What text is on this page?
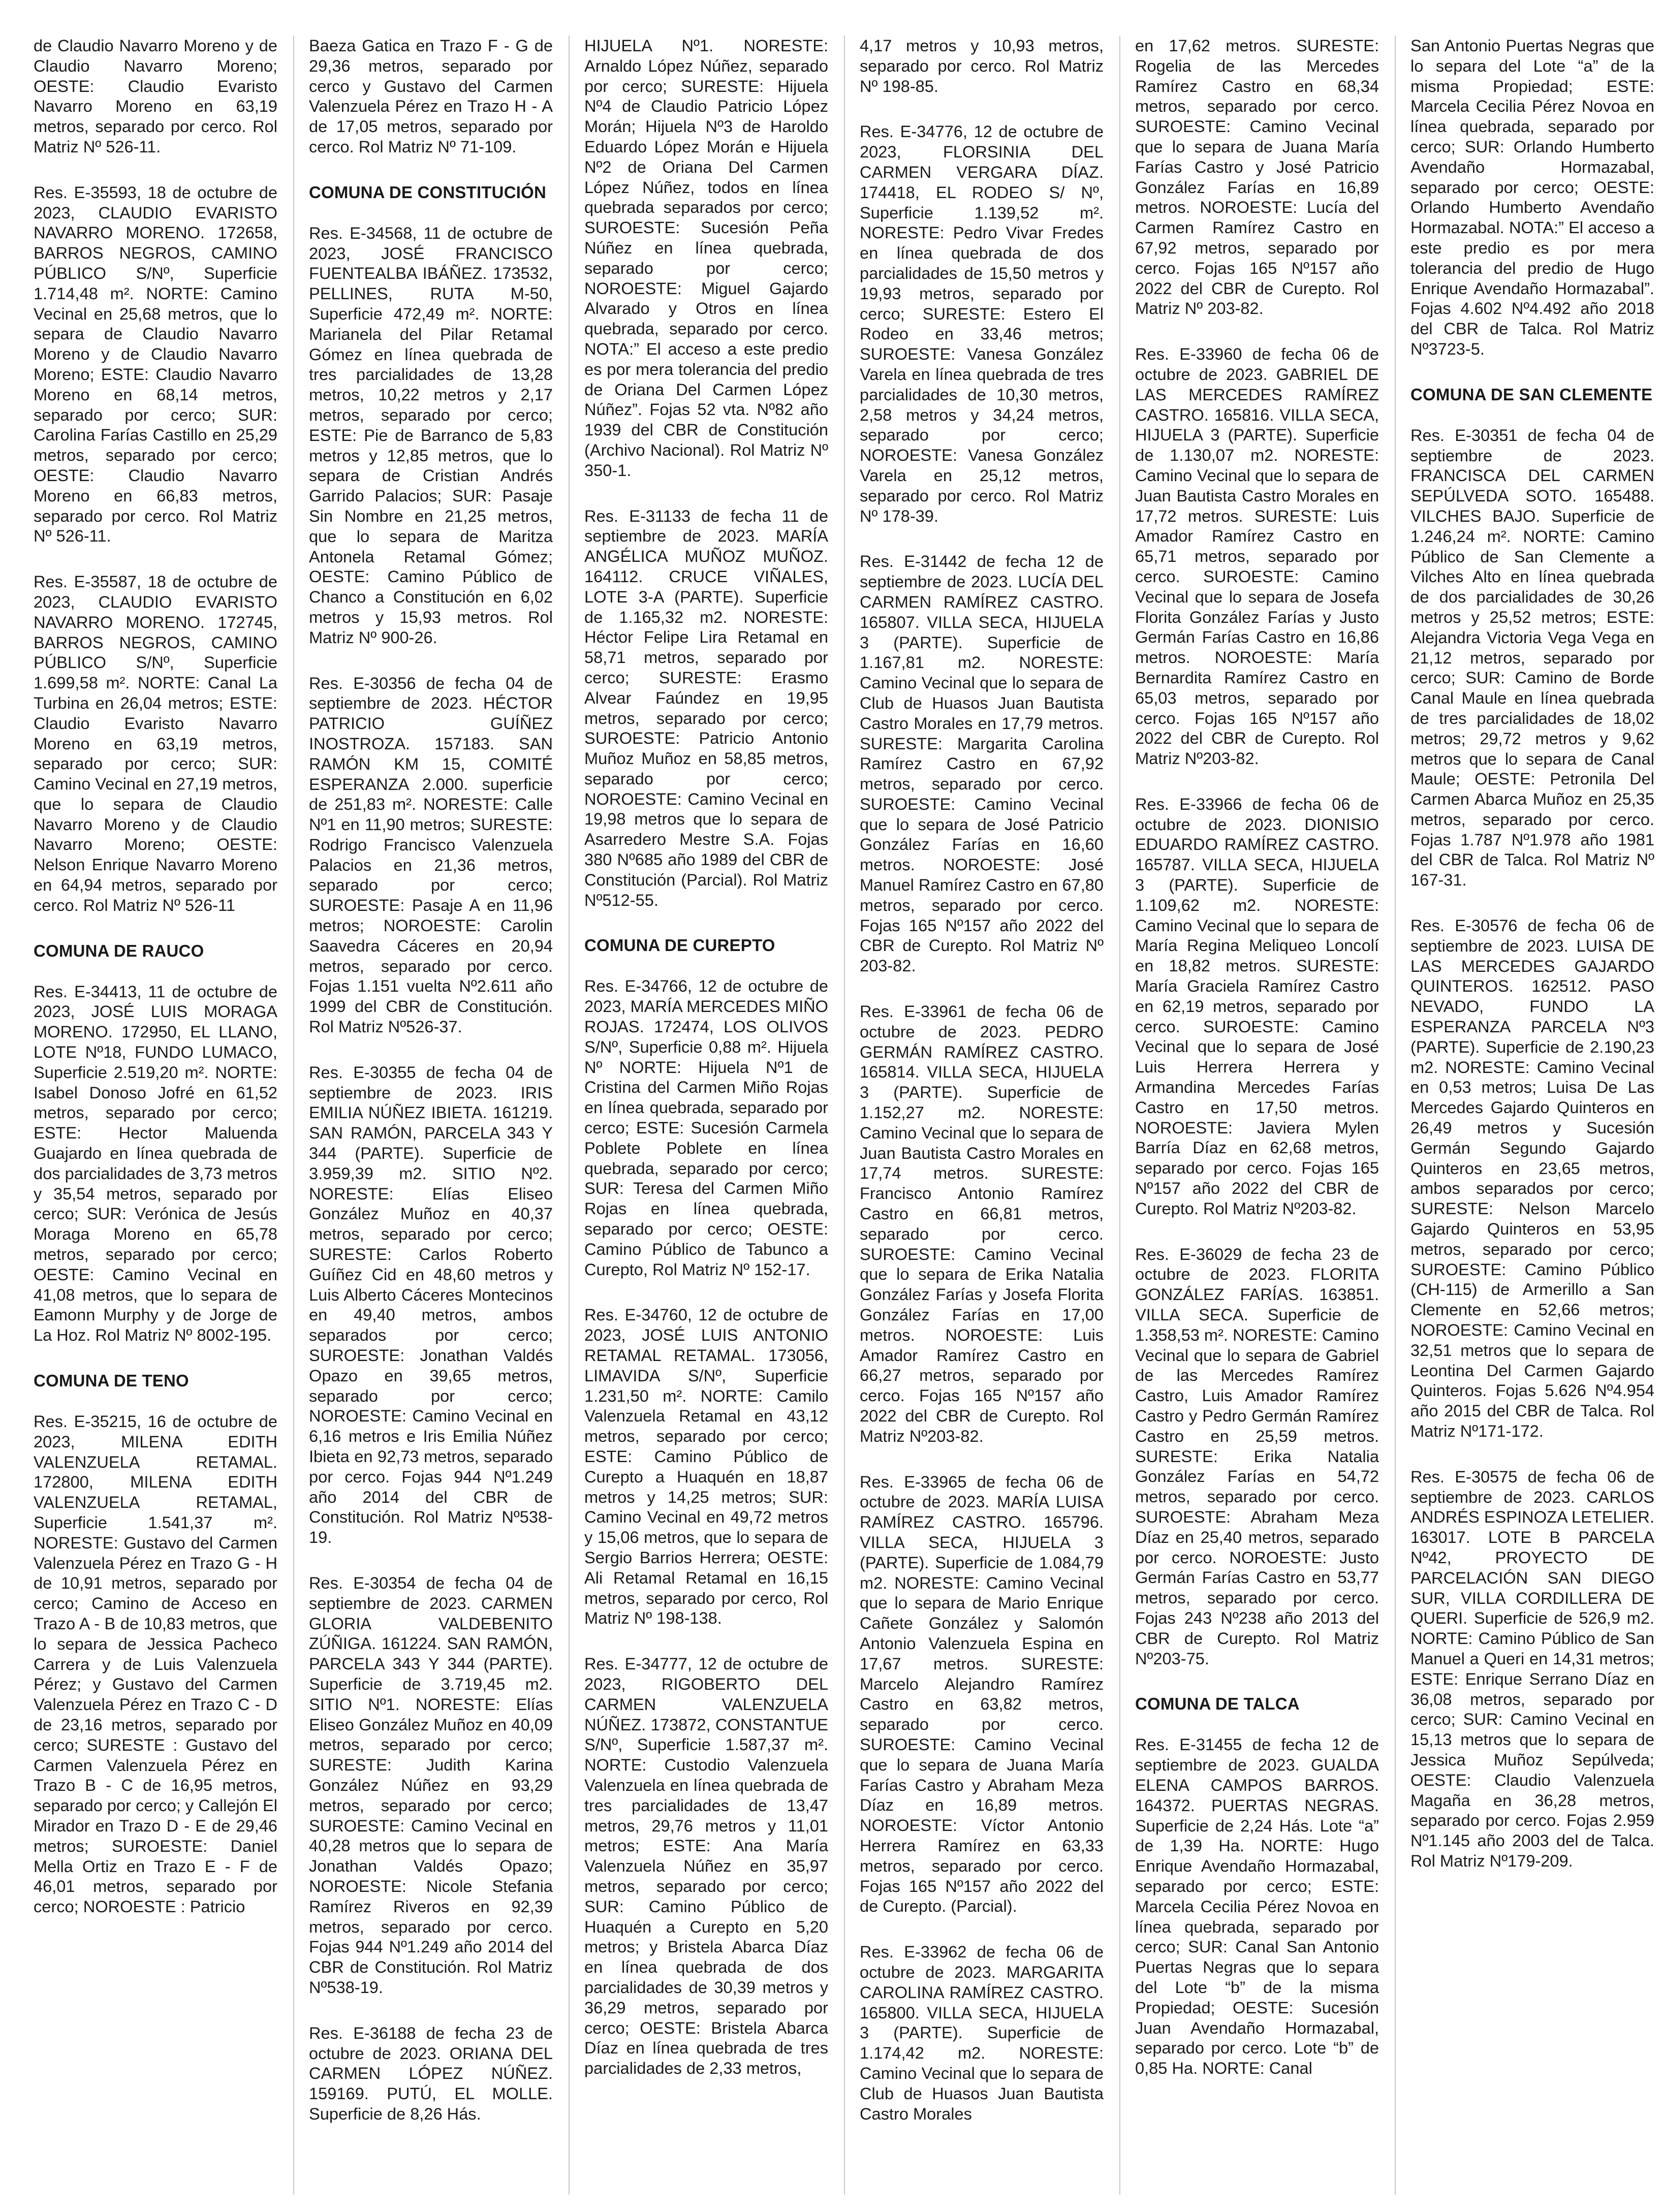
de Claudio Navarro Moreno y de Claudio Navarro Moreno; OESTE: Claudio Evaristo Navarro Moreno en 63,19 metros, separado por cerco. Rol Matriz Nº 526-11.

Res. E-35593, 18 de octubre de 2023, CLAUDIO EVARISTO NAVARRO MORENO. 172658, BARROS NEGROS, CAMINO PÚBLICO S/Nº, Superficie 1.714,48 m². NORTE: Camino Vecinal en 25,68 metros, que lo separa de Claudio Navarro Moreno y de Claudio Navarro Moreno; ESTE: Claudio Navarro Moreno en 68,14 metros, separado por cerco; SUR: Carolina Farías Castillo en 25,29 metros, separado por cerco; OESTE: Claudio Navarro Moreno en 66,83 metros, separado por cerco. Rol Matriz Nº 526-11.

Res. E-35587, 18 de octubre de 2023, CLAUDIO EVARISTO NAVARRO MORENO. 172745, BARROS NEGROS, CAMINO PÚBLICO S/Nº, Superficie 1.699,58 m². NORTE: Canal La Turbina en 26,04 metros; ESTE: Claudio Evaristo Navarro Moreno en 63,19 metros, separado por cerco; SUR: Camino Vecinal en 27,19 metros, que lo separa de Claudio Navarro Moreno y de Claudio Navarro Moreno; OESTE: Nelson Enrique Navarro Moreno en 64,94 metros, separado por cerco. Rol Matriz Nº 526-11

COMUNA DE RAUCO

Res. E-34413, 11 de octubre de 2023, JOSÉ LUIS MORAGA MORENO. 172950, EL LLANO, LOTE Nº18, FUNDO LUMACO, Superficie 2.519,20 m². NORTE: Isabel Donoso Jofré en 61,52 metros, separado por cerco; ESTE: Hector Maluenda Guajardo en línea quebrada de dos parcialidades de 3,73 metros y 35,54 metros, separado por cerco; SUR: Verónica de Jesús Moraga Moreno en 65,78 metros, separado por cerco; OESTE: Camino Vecinal en 41,08 metros, que lo separa de Eamonn Murphy y de Jorge de La Hoz. Rol Matriz Nº 8002-195.

COMUNA DE TENO

Res. E-35215, 16 de octubre de 2023, MILENA EDITH VALENZUELA RETAMAL. 172800, MILENA EDITH VALENZUELA RETAMAL, Superficie 1.541,37 m². NORESTE: Gustavo del Carmen Valenzuela Pérez en Trazo G - H de 10,91 metros, separado por cerco; Camino de Acceso en Trazo A - B de 10,83 metros, que lo separa de Jessica Pacheco Carrera y de Luis Valenzuela Pérez; y Gustavo del Carmen Valenzuela Pérez en Trazo C - D de 23,16 metros, separado por cerco; SURESTE : Gustavo del Carmen Valenzuela Pérez en Trazo B - C de 16,95 metros, separado por cerco; y Callejón El Mirador en Trazo D - E de 29,46 metros; SUROESTE: Daniel Mella Ortiz en Trazo E - F de 46,01 metros, separado por cerco; NOROESTE : Patricio

Baeza Gatica en Trazo F - G de 29,36 metros, separado por cerco y Gustavo del Carmen Valenzuela Pérez en Trazo H - A de 17,05 metros, separado por cerco. Rol Matriz Nº 71-109.

COMUNA DE CONSTITUCIÓN

Res. E-34568, 11 de octubre de 2023, JOSÉ FRANCISCO FUENTEALBA IBÁÑEZ. 173532, PELLINES, RUTA M-50, Superficie 472,49 m². NORTE: Marianela del Pilar Retamal Gómez en línea quebrada de tres parcialidades de 13,28 metros, 10,22 metros y 2,17 metros, separado por cerco; ESTE: Pie de Barranco de 5,83 metros y 12,85 metros, que lo separa de Cristian Andrés Garrido Palacios; SUR: Pasaje Sin Nombre en 21,25 metros, que lo separa de Maritza Antonela Retamal Gómez; OESTE: Camino Público de Chanco a Constitución en 6,02 metros y 15,93 metros. Rol Matriz Nº 900-26.

Res. E-30356 de fecha 04 de septiembre de 2023. HÉCTOR PATRICIO GUÍÑEZ INOSTROZA. 157183. SAN RAMÓN KM 15, COMITÉ ESPERANZA 2.000. superficie de 251,83 m². NORESTE: Calle Nº1 en 11,90 metros; SURESTE: Rodrigo Francisco Valenzuela Palacios en 21,36 metros, separado por cerco; SUROESTE: Pasaje A en 11,96 metros; NOROESTE: Carolin Saavedra Cáceres en 20,94 metros, separado por cerco. Fojas 1.151 vuelta Nº2.611 año 1999 del CBR de Constitución. Rol Matriz Nº526-37.

Res. E-30355 de fecha 04 de septiembre de 2023. IRIS EMILIA NÚÑEZ IBIETA. 161219. SAN RAMÓN, PARCELA 343 Y 344 (PARTE). Superficie de 3.959,39 m2. SITIO Nº2. NORESTE: Elías Eliseo González Muñoz en 40,37 metros, separado por cerco; SURESTE: Carlos Roberto Guíñez Cid en 48,60 metros y Luis Alberto Cáceres Montecinos en 49,40 metros, ambos separados por cerco; SUROESTE: Jonathan Valdés Opazo en 39,65 metros, separado por cerco; NOROESTE: Camino Vecinal en 6,16 metros e Iris Emilia Núñez Ibieta en 92,73 metros, separado por cerco. Fojas 944 Nº1.249 año 2014 del CBR de Constitución. Rol Matriz Nº538-19.

Res. E-30354 de fecha 04 de septiembre de 2023. CARMEN GLORIA VALDEBENITO ZÚÑIGA. 161224. SAN RAMÓN, PARCELA 343 Y 344 (PARTE). Superficie de 3.719,45 m2. SITIO Nº1. NORESTE: Elías Eliseo González Muñoz en 40,09 metros, separado por cerco; SURESTE: Judith Karina González Núñez en 93,29 metros, separado por cerco; SUROESTE: Camino Vecinal en 40,28 metros que lo separa de Jonathan Valdés Opazo; NOROESTE: Nicole Stefania Ramírez Riveros en 92,39 metros, separado por cerco. Fojas 944 Nº1.249 año 2014 del CBR de Constitución. Rol Matriz Nº538-19.

Res. E-36188 de fecha 23 de octubre de 2023. ORIANA DEL CARMEN LÓPEZ NÚÑEZ. 159169. PUTÚ, EL MOLLE. Superficie de 8,26 Hás.

HIJUELA Nº1. NORESTE: Arnaldo López Núñez, separado por cerco; SURESTE: Hijuela Nº4 de Claudio Patricio López Morán; Hijuela Nº3 de Haroldo Eduardo López Morán e Hijuela Nº2 de Oriana Del Carmen López Núñez, todos en línea quebrada separados por cerco; SUROESTE: Sucesión Peña Núñez en línea quebrada, separado por cerco; NOROESTE: Miguel Gajardo Alvarado y Otros en línea quebrada, separado por cerco. NOTA:” El acceso a este predio es por mera tolerancia del predio de Oriana Del Carmen López Núñez”. Fojas 52 vta. Nº82 año 1939 del CBR de Constitución (Archivo Nacional). Rol Matriz Nº 350-1.

Res. E-31133 de fecha 11 de septiembre de 2023. MARÍA ANGÉLICA MUÑOZ MUÑOZ. 164112. CRUCE VIÑALES, LOTE 3-A (PARTE). Superficie de 1.165,32 m2. NORESTE: Héctor Felipe Lira Retamal en 58,71 metros, separado por cerco; SURESTE: Erasmo Alvear Faúndez en 19,95 metros, separado por cerco; SUROESTE: Patricio Antonio Muñoz Muñoz en 58,85 metros, separado por cerco; NOROESTE: Camino Vecinal en 19,98 metros que lo separa de Asarredero Mestre S.A. Fojas 380 Nº685 año 1989 del CBR de Constitución (Parcial). Rol Matriz Nº512-55.

COMUNA DE CUREPTO

Res. E-34766, 12 de octubre de 2023, MARÍA MERCEDES MIÑO ROJAS. 172474, LOS OLIVOS S/Nº, Superficie 0,88 m². Hijuela Nº NORTE: Hijuela Nº1 de Cristina del Carmen Miño Rojas en línea quebrada, separado por cerco; ESTE: Sucesión Carmela Poblete Poblete en línea quebrada, separado por cerco; SUR: Teresa del Carmen Miño Rojas en línea quebrada, separado por cerco; OESTE: Camino Público de Tabunco a Curepto, Rol Matriz Nº 152-17.

Res. E-34760, 12 de octubre de 2023, JOSÉ LUIS ANTONIO RETAMAL RETAMAL. 173056, LIMAVIDA S/Nº, Superficie 1.231,50 m². NORTE: Camilo Valenzuela Retamal en 43,12 metros, separado por cerco; ESTE: Camino Público de Curepto a Huaquén en 18,87 metros y 14,25 metros; SUR: Camino Vecinal en 49,72 metros y 15,06 metros, que lo separa de Sergio Barrios Herrera; OESTE: Ali Retamal Retamal en 16,15 metros, separado por cerco, Rol Matriz Nº 198-138.

Res. E-34777, 12 de octubre de 2023, RIGOBERTO DEL CARMEN VALENZUELA NÚÑEZ. 173872, CONSTANTUE S/Nº, Superficie 1.587,37 m². NORTE: Custodio Valenzuela Valenzuela en línea quebrada de tres parcialidades de 13,47 metros, 29,76 metros y 11,01 metros; ESTE: Ana María Valenzuela Núñez en 35,97 metros, separado por cerco; SUR: Camino Público de Huaquén a Curepto en 5,20 metros; y Bristela Abarca Díaz en línea quebrada de dos parcialidades de 30,39 metros y 36,29 metros, separado por cerco; OESTE: Bristela Abarca Díaz en línea quebrada de tres parcialidades de 2,33 metros,

4,17 metros y 10,93 metros, separado por cerco. Rol Matriz Nº 198-85.

Res. E-34776, 12 de octubre de 2023, FLORSINIA DEL CARMEN VERGARA DÍAZ. 174418, EL RODEO S/ Nº, Superficie 1.139,52 m². NORESTE: Pedro Vivar Fredes en línea quebrada de dos parcialidades de 15,50 metros y 19,93 metros, separado por cerco; SURESTE: Estero El Rodeo en 33,46 metros; SUROESTE: Vanesa González Varela en línea quebrada de tres parcialidades de 10,30 metros, 2,58 metros y 34,24 metros, separado por cerco; NOROESTE: Vanesa González Varela en 25,12 metros, separado por cerco. Rol Matriz Nº 178-39.

Res. E-31442 de fecha 12 de septiembre de 2023. LUCÍA DEL CARMEN RAMÍREZ CASTRO. 165807. VILLA SECA, HIJUELA 3 (PARTE). Superficie de 1.167,81 m2. NORESTE: Camino Vecinal que lo separa de Club de Huasos Juan Bautista Castro Morales en 17,79 metros. SURESTE: Margarita Carolina Ramírez Castro en 67,92 metros, separado por cerco. SUROESTE: Camino Vecinal que lo separa de José Patricio González Farías en 16,60 metros. NOROESTE: José Manuel Ramírez Castro en 67,80 metros, separado por cerco. Fojas 165 Nº157 año 2022 del CBR de Curepto. Rol Matriz Nº 203-82.

Res. E-33961 de fecha 06 de octubre de 2023. PEDRO GERMÁN RAMÍREZ CASTRO. 165814. VILLA SECA, HIJUELA 3 (PARTE). Superficie de 1.152,27 m2. NORESTE: Camino Vecinal que lo separa de Juan Bautista Castro Morales en 17,74 metros. SURESTE: Francisco Antonio Ramírez Castro en 66,81 metros, separado por cerco. SUROESTE: Camino Vecinal que lo separa de Erika Natalia González Farías y Josefa Florita González Farías en 17,00 metros. NOROESTE: Luis Amador Ramírez Castro en 66,27 metros, separado por cerco. Fojas 165 Nº157 año 2022 del CBR de Curepto. Rol Matriz Nº203-82.

Res. E-33965 de fecha 06 de octubre de 2023. MARÍA LUISA RAMÍREZ CASTRO. 165796. VILLA SECA, HIJUELA 3 (PARTE). Superficie de 1.084,79 m2. NORESTE: Camino Vecinal que lo separa de Mario Enrique Cañete González y Salomón Antonio Valenzuela Espina en 17,67 metros. SURESTE: Marcelo Alejandro Ramírez Castro en 63,82 metros, separado por cerco. SUROESTE: Camino Vecinal que lo separa de Juana María Farías Castro y Abraham Meza Díaz en 16,89 metros. NOROESTE: Víctor Antonio Herrera Ramírez en 63,33 metros, separado por cerco. Fojas 165 Nº157 año 2022 del de Curepto. (Parcial).

Res. E-33962 de fecha 06 de octubre de 2023. MARGARITA CAROLINA RAMÍREZ CASTRO. 165800. VILLA SECA, HIJUELA 3 (PARTE). Superficie de 1.174,42 m2. NORESTE: Camino Vecinal que lo separa de Club de Huasos Juan Bautista Castro Morales

en 17,62 metros. SURESTE: Rogelia de las Mercedes Ramírez Castro en 68,34 metros, separado por cerco. SUROESTE: Camino Vecinal que lo separa de Juana María Farías Castro y José Patricio González Farías en 16,89 metros. NOROESTE: Lucía del Carmen Ramírez Castro en 67,92 metros, separado por cerco. Fojas 165 Nº157 año 2022 del CBR de Curepto. Rol Matriz Nº 203-82.

Res. E-33960 de fecha 06 de octubre de 2023. GABRIEL DE LAS MERCEDES RAMÍREZ CASTRO. 165816. VILLA SECA, HIJUELA 3 (PARTE). Superficie de 1.130,07 m2. NORESTE: Camino Vecinal que lo separa de Juan Bautista Castro Morales en 17,72 metros. SURESTE: Luis Amador Ramírez Castro en 65,71 metros, separado por cerco. SUROESTE: Camino Vecinal que lo separa de Josefa Florita González Farías y Justo Germán Farías Castro en 16,86 metros. NOROESTE: María Bernardita Ramírez Castro en 65,03 metros, separado por cerco. Fojas 165 Nº157 año 2022 del CBR de Curepto. Rol Matriz Nº203-82.

Res. E-33966 de fecha 06 de octubre de 2023. DIONISIO EDUARDO RAMÍREZ CASTRO. 165787. VILLA SECA, HIJUELA 3 (PARTE). Superficie de 1.109,62 m2. NORESTE: Camino Vecinal que lo separa de María Regina Meliqueo Loncolí en 18,82 metros. SURESTE: María Graciela Ramírez Castro en 62,19 metros, separado por cerco. SUROESTE: Camino Vecinal que lo separa de José Luis Herrera Herrera y Armandina Mercedes Farías Castro en 17,50 metros. NOROESTE: Javiera Mylen Barría Díaz en 62,68 metros, separado por cerco. Fojas 165 Nº157 año 2022 del CBR de Curepto. Rol Matriz Nº203-82.

Res. E-36029 de fecha 23 de octubre de 2023. FLORITA GONZÁLEZ FARÍAS. 163851. VILLA SECA. Superficie de 1.358,53 m². NORESTE: Camino Vecinal que lo separa de Gabriel de las Mercedes Ramírez Castro, Luis Amador Ramírez Castro y Pedro Germán Ramírez Castro en 25,59 metros. SURESTE: Erika Natalia González Farías en 54,72 metros, separado por cerco. SUROESTE: Abraham Meza Díaz en 25,40 metros, separado por cerco. NOROESTE: Justo Germán Farías Castro en 53,77 metros, separado por cerco. Fojas 243 Nº238 año 2013 del CBR de Curepto. Rol Matriz Nº203-75.

COMUNA DE TALCA

Res. E-31455 de fecha 12 de septiembre de 2023. GUALDA ELENA CAMPOS BARROS. 164372. PUERTAS NEGRAS. Superficie de 2,24 Hás. Lote “a” de 1,39 Ha. NORTE: Hugo Enrique Avendaño Hormazabal, separado por cerco; ESTE: Marcela Cecilia Pérez Novoa en línea quebrada, separado por cerco; SUR: Canal San Antonio Puertas Negras que lo separa del Lote “b” de la misma Propiedad; OESTE: Sucesión Juan Avendaño Hormazabal, separado por cerco. Lote “b” de 0,85 Ha. NORTE: Canal

San Antonio Puertas Negras que lo separa del Lote “a” de la misma Propiedad; ESTE: Marcela Cecilia Pérez Novoa en línea quebrada, separado por cerco; SUR: Orlando Humberto Avendaño Hormazabal, separado por cerco; OESTE: Orlando Humberto Avendaño Hormazabal. NOTA:” El acceso a este predio es por mera tolerancia del predio de Hugo Enrique Avendaño Hormazabal”. Fojas 4.602 Nº4.492 año 2018 del CBR de Talca. Rol Matriz Nº3723-5.

COMUNA DE SAN CLEMENTE

Res. E-30351 de fecha 04 de septiembre de 2023. FRANCISCA DEL CARMEN SEPÚLVEDA SOTO. 165488. VILCHES BAJO. Superficie de 1.246,24 m². NORTE: Camino Público de San Clemente a Vilches Alto en línea quebrada de dos parcialidades de 30,26 metros y 25,52 metros; ESTE: Alejandra Victoria Vega Vega en 21,12 metros, separado por cerco; SUR: Camino de Borde Canal Maule en línea quebrada de tres parcialidades de 18,02 metros; 29,72 metros y 9,62 metros que lo separa de Canal Maule; OESTE: Petronila Del Carmen Abarca Muñoz en 25,35 metros, separado por cerco. Fojas 1.787 Nº1.978 año 1981 del CBR de Talca. Rol Matriz Nº 167-31.

Res. E-30576 de fecha 06 de septiembre de 2023. LUISA DE LAS MERCEDES GAJARDO QUINTEROS. 162512. PASO NEVADO, FUNDO LA ESPERANZA PARCELA Nº3 (PARTE). Superficie de 2.190,23 m2. NORESTE: Camino Vecinal en 0,53 metros; Luisa De Las Mercedes Gajardo Quinteros en 26,49 metros y Sucesión Germán Segundo Gajardo Quinteros en 23,65 metros, ambos separados por cerco; SURESTE: Nelson Marcelo Gajardo Quinteros en 53,95 metros, separado por cerco; SUROESTE: Camino Público (CH-115) de Armerillo a San Clemente en 52,66 metros; NOROESTE: Camino Vecinal en 32,51 metros que lo separa de Leontina Del Carmen Gajardo Quinteros. Fojas 5.626 Nº4.954 año 2015 del CBR de Talca. Rol Matriz Nº171-172.

Res. E-30575 de fecha 06 de septiembre de 2023. CARLOS ANDRÉS ESPINOZA LETELIER. 163017. LOTE B PARCELA Nº42, PROYECTO DE PARCELACIÓN SAN DIEGO SUR, VILLA CORDILLERA DE QUERI. Superficie de 526,9 m2. NORTE: Camino Público de San Manuel a Queri en 14,31 metros; ESTE: Enrique Serrano Díaz en 36,08 metros, separado por cerco; SUR: Camino Vecinal en 15,13 metros que lo separa de Jessica Muñoz Sepúlveda; OESTE: Claudio Valenzuela Magaña en 36,28 metros, separado por cerco. Fojas 2.959 Nº1.145 año 2003 del de Talca. Rol Matriz Nº179-209.
